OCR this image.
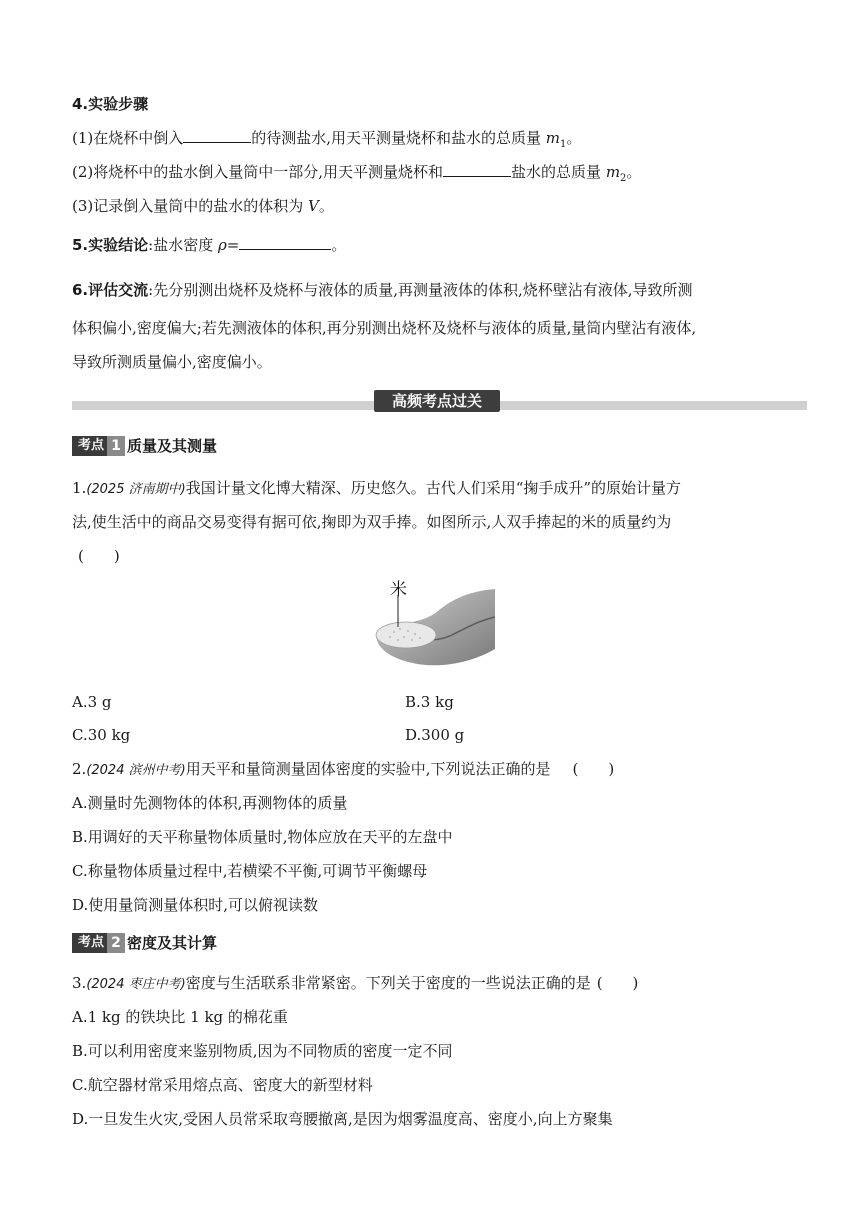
4.实验步骤
(1)在烧杯中倒入	的待测盐水,用天平测量烧杯和盐水的总质量 $m_1$。
(2)将烧杯中的盐水倒入量筒中一部分,用天平测量烧杯和	盐水的总质量 $m_2$。
(3)记录倒入量筒中的盐水的体积为 V。
5.实验结论:盐水密度 ρ=	。
6.评估交流:先分别测出烧杯及烧杯与液体的质量,再测量液体的体积,烧杯壁沾有液体,导致所测
体积偏小,密度偏大;若先测液体的体积,再分别测出烧杯及烧杯与液体的质量,量筒内壁沾有液体,
导致所测质量偏小,密度偏小。
高频考点过关
考点 1 质量及其测量
1.(2025 济南期中)我国计量文化博大精深、历史悠久。古代人们采用“掬手成升”的原始计量方
法,使生活中的商品交易变得有据可依,掬即为双手捧。如图所示,人双手捧起的米的质量约为
(　　)
米
A.3 g	B.3 kg
C.30 kg	D.300 g
2.(2024 滨州中考)用天平和量筒测量固体密度的实验中,下列说法正确的是 (　　)
A.测量时先测物体的体积,再测物体的质量
B.用调好的天平称量物体质量时,物体应放在天平的左盘中
C.称量物体质量过程中,若横梁不平衡,可调节平衡螺母
D.使用量筒测量体积时,可以俯视读数
考点 2 密度及其计算
3.(2024 枣庄中考)密度与生活联系非常紧密。下列关于密度的一些说法正确的是 (　　)
A.1 kg 的铁块比 1 kg 的棉花重
B.可以利用密度来鉴别物质,因为不同物质的密度一定不同
C.航空器材常采用熔点高、密度大的新型材料
D.一旦发生火灾,受困人员常采取弯腰撤离,是因为烟雾温度高、密度小,向上方聚集
